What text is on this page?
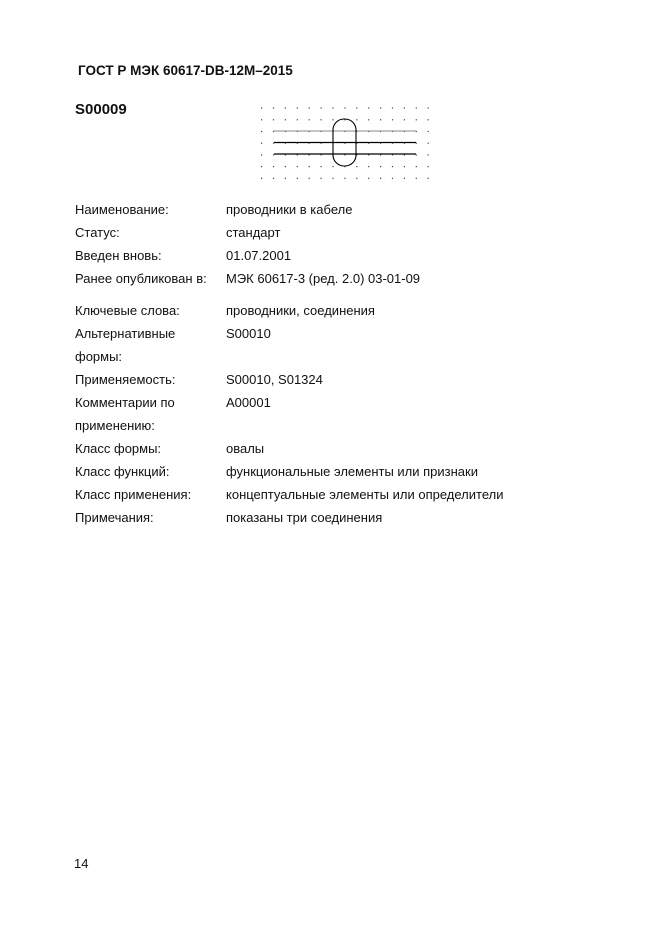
ГОСТ Р МЭК 60617-DB-12M–2015
S00009
Наименование:	проводники в кабеле
Статус:	стандарт
Введен вновь:	01.07.2001
Ранее опубликован в:	МЭК 60617-3 (ред. 2.0) 03-01-09
Ключевые слова:	проводники, соединения
Альтернативные	S00010
формы:
Применяемость:	S00010, S01324
Комментарии по	A00001
применению:
Класс формы:	овалы
Класс функций:	функциональные элементы или признаки
Класс применения:	концептуальные элементы или определители
Примечания:	показаны три соединения
14
